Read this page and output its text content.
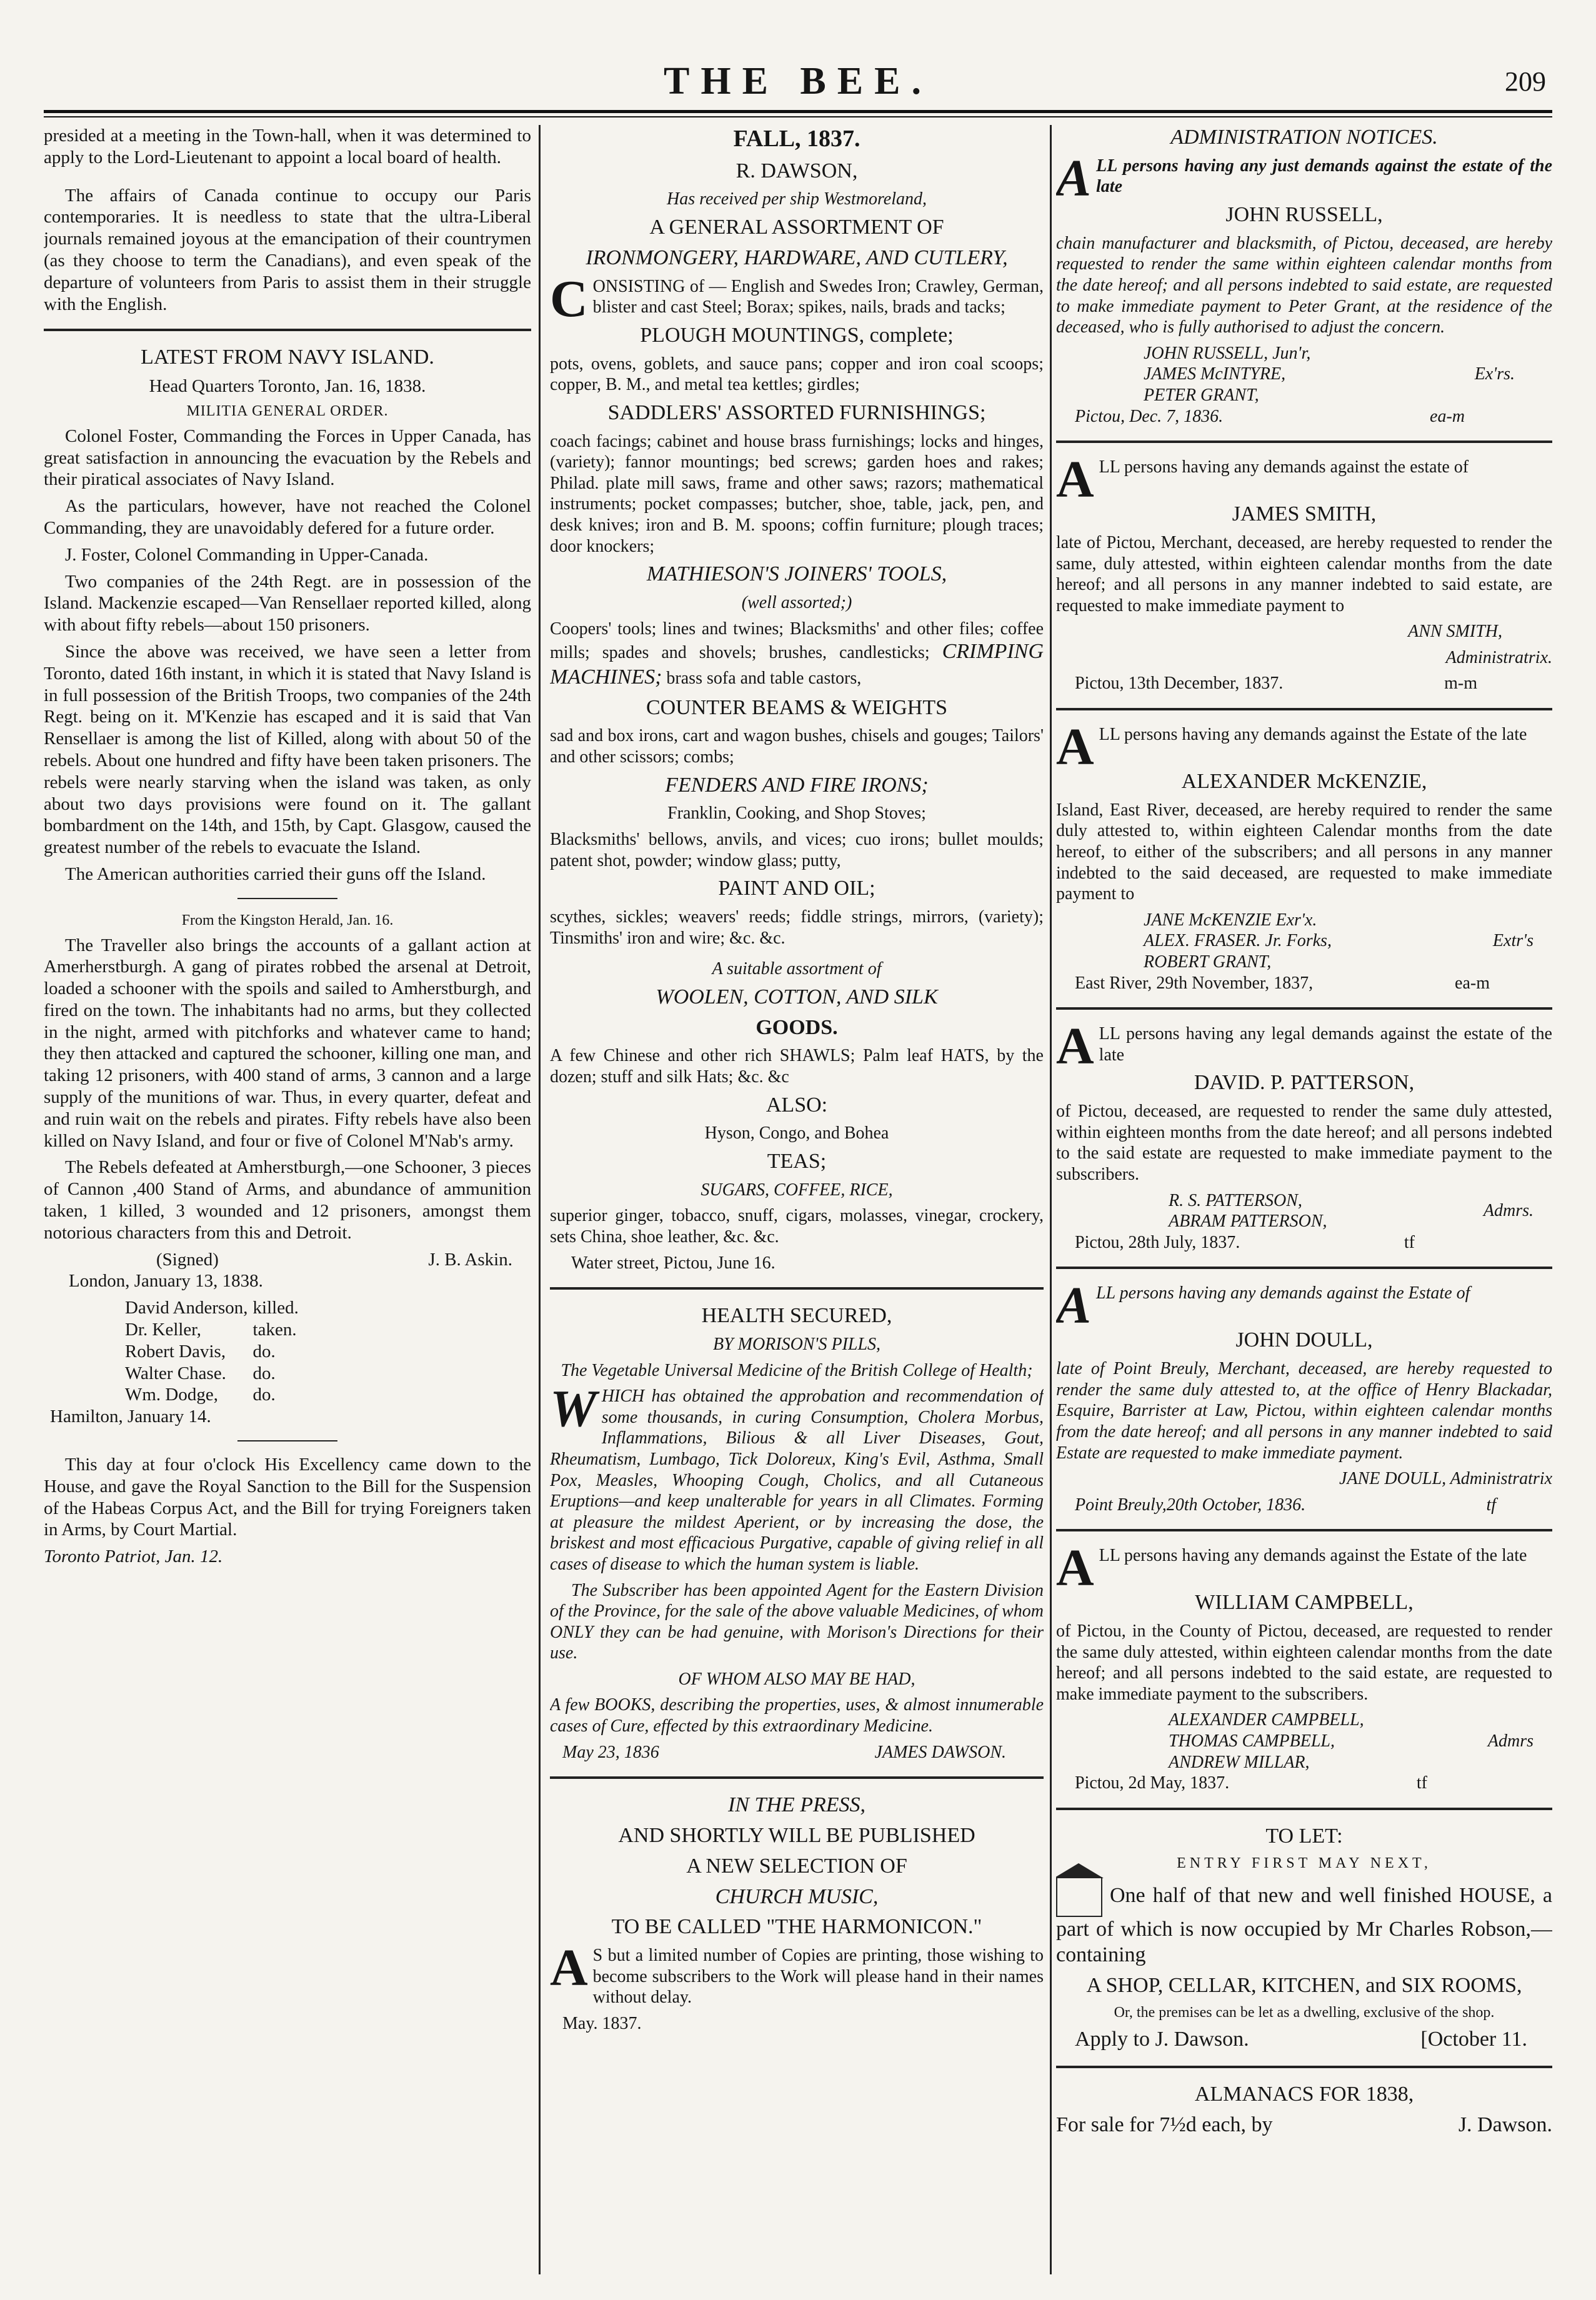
THE BEE.	209

presided at a meeting in the Town-hall, when it was determined to apply to the Lord-Lieutenant to appoint a local board of health.

The affairs of Canada continue to occupy our Paris contemporaries. It is needless to state that the ultra-Liberal journals remained joyous at the emancipation of their countrymen (as they choose to term the Canadians), and even speak of the departure of volunteers from Paris to assist them in their struggle with the English.

LATEST FROM NAVY ISLAND.

Head Quarters Toronto, Jan. 16, 1838.

MILITIA GENERAL ORDER.

Colonel Foster, Commanding the Forces in Upper Canada, has great satisfaction in announcing the evacuation by the Rebels and their piratical associates of Navy Island.

As the particulars, however, have not reached the Colonel Commanding, they are unavoidably defered for a future order.

J. Foster, Colonel Commanding in Upper-Canada.

Two companies of the 24th Regt. are in possession of the Island. Mackenzie escaped—Van Rensellaer reported killed, along with about fifty rebels—about 150 prisoners.

Since the above was received, we have seen a letter from Toronto, dated 16th instant, in which it is stated that Navy Island is in full possession of the British Troops, two companies of the 24th Regt. being on it. M'Kenzie has escaped and it is said that Van Rensellaer is among the list of Killed, along with about 50 of the rebels. About one hundred and fifty have been taken prisoners. The rebels were nearly starving when the island was taken, as only about two days provisions were found on it. The gallant bombardment on the 14th, and 15th, by Capt. Glasgow, caused the greatest number of the rebels to evacuate the Island.

The American authorities carried their guns off the Island.

From the Kingston Herald, Jan. 16.

The Traveller also brings the accounts of a gallant action at Amerherstburgh. A gang of pirates robbed the arsenal at Detroit, loaded a schooner with the spoils and sailed to Amherstburgh, and fired on the town. The inhabitants had no arms, but they collected in the night, armed with pitchforks and whatever came to hand; they then attacked and captured the schooner, killing one man, and taking 12 prisoners, with 400 stand of arms, 3 cannon and a large supply of the munitions of war. Thus, in every quarter, defeat and and ruin wait on the rebels and pirates. Fifty rebels have also been killed on Navy Island, and four or five of Colonel M'Nab's army.

The Rebels defeated at Amherstburgh,—one Schooner, 3 pieces of Cannon ,400 Stand of Arms, and abundance of ammunition taken, 1 killed, 3 wounded and 12 prisoners, amongst them notorious characters from this and Detroit.

(Signed)	J. B. Askin.

London, January 13, 1838.

David Anderson,	killed.
Dr. Keller,	taken.
Robert Davis,	do.
Walter Chase.	do.
Wm. Dodge,	do.

Hamilton, January 14.

This day at four o'clock His Excellency came down to the House, and gave the Royal Sanction to the Bill for the Suspension of the Habeas Corpus Act, and the Bill for trying Foreigners taken in Arms, by Court Martial.

Toronto Patriot, Jan. 12.

FALL, 1837.

R. DAWSON,

Has received per ship Westmoreland,

A GENERAL ASSORTMENT OF

IRONMONGERY, HARDWARE, AND CUTLERY,

CONSISTING of — English and Swedes Iron; Crawley, German, blister and cast Steel; Borax; spikes, nails, brads and tacks;

PLOUGH MOUNTINGS, complete;

pots, ovens, goblets, and sauce pans; copper and iron coal scoops; copper, B. M., and metal tea kettles; girdles;

SADDLERS' ASSORTED FURNISHINGS;

coach facings; cabinet and house brass furnishings; locks and hinges, (variety); fannor mountings; bed screws; garden hoes and rakes; Philad. plate mill saws, frame and other saws; razors; mathematical instruments; pocket compasses; butcher, shoe, table, jack, pen, and desk knives; iron and B. M. spoons; coffin furniture; plough traces; door knockers;

MATHIESON'S JOINERS' TOOLS,

(well assorted;)

Coopers' tools; lines and twines; Blacksmiths' and other files; coffee mills; spades and shovels; brushes, candlesticks; CRIMPING MACHINES; brass sofa and table castors,

COUNTER BEAMS & WEIGHTS

sad and box irons, cart and wagon bushes, chisels and gouges; Tailors' and other scissors; combs;

FENDERS AND FIRE IRONS;

Franklin, Cooking, and Shop Stoves;

Blacksmiths' bellows, anvils, and vices; cuo irons; bullet moulds; patent shot, powder; window glass; putty,

PAINT AND OIL;

scythes, sickles; weavers' reeds; fiddle strings, mirrors, (variety); Tinsmiths' iron and wire; &c. &c.

A suitable assortment of

WOOLEN, COTTON, AND SILK

GOODS.

A few Chinese and other rich SHAWLS; Palm leaf HATS, by the dozen; stuff and silk Hats; &c. &c

ALSO:

Hyson, Congo, and Bohea

TEAS;

SUGARS, COFFEE, RICE,

superior ginger, tobacco, snuff, cigars, molasses, vinegar, crockery, sets China, shoe leather, &c. &c.

Water street, Pictou, June 16.

HEALTH SECURED,

BY MORISON'S PILLS,

The Vegetable Universal Medicine of the British College of Health;

WHICH has obtained the approbation and recommendation of some thousands, in curing Consumption, Cholera Morbus, Inflammations, Bilious & all Liver Diseases, Gout, Rheumatism, Lumbago, Tick Doloreux, King's Evil, Asthma, Small Pox, Measles, Whooping Cough, Cholics, and all Cutaneous Eruptions—and keep unalterable for years in all Climates. Forming at pleasure the mildest Aperient, or by increasing the dose, the briskest and most efficacious Purgative, capable of giving relief in all cases of disease to which the human system is liable.

The Subscriber has been appointed Agent for the Eastern Division of the Province, for the sale of the above valuable Medicines, of whom ONLY they can be had genuine, with Morison's Directions for their use.

OF WHOM ALSO MAY BE HAD,

A few BOOKS, describing the properties, uses, & almost innumerable cases of Cure, effected by this extraordinary Medicine.

May 23, 1836	JAMES DAWSON.

IN THE PRESS,

AND SHORTLY WILL BE PUBLISHED

A NEW SELECTION OF

CHURCH MUSIC,

TO BE CALLED "THE HARMONICON."

A S but a limited number of Copies are printing, those wishing to become subscribers to the Work will please hand in their names without delay.

May. 1837.

ADMINISTRATION NOTICES.

ALL persons having any just demands against the estate of the late

JOHN RUSSELL,

chain manufacturer and blacksmith, of Pictou, deceased, are hereby requested to render the same within eighteen calendar months from the date hereof; and all persons indebted to said estate, are requested to make immediate payment to Peter Grant, at the residence of the deceased, who is fully authorised to adjust the concern.

JOHN RUSSELL, Jun'r,
JAMES McINTYRE,
PETER GRANT,
Ex'rs.
Pictou, Dec. 7, 1836.	ea-m

ALL persons having any demands against the estate of

JAMES SMITH,

late of Pictou, Merchant, deceased, are hereby requested to render the same, duly attested, within eighteen calendar months from the date hereof; and all persons in any manner indebted to said estate, are requested to make immediate payment to

ANN SMITH,

Administratrix.

Pictou, 13th December, 1837.	m-m

ALL persons having any demands against the Estate of the late

ALEXANDER McKENZIE,

Island, East River, deceased, are hereby required to render the same duly attested to, within eighteen Calendar months from the date hereof, to either of the subscribers; and all persons in any manner indebted to the said deceased, are requested to make immediate payment to

JANE McKENZIE Exr'x.
ALEX. FRASER. Jr. Forks,
ROBERT GRANT,
Extr's
East River, 29th November, 1837,	ea-m

ALL persons having any legal demands against the estate of the late

DAVID. P. PATTERSON,

of Pictou, deceased, are requested to render the same duly attested, within eighteen months from the date hereof; and all persons indebted to the said estate are requested to make immediate payment to the subscribers.

R. S. PATTERSON,
ABRAM PATTERSON,
Admrs.
Pictou, 28th July, 1837.	tf

ALL persons having any demands against the Estate of

JOHN DOULL,

late of Point Breuly, Merchant, deceased, are hereby requested to render the same duly attested to, at the office of Henry Blackadar, Esquire, Barrister at Law, Pictou, within eighteen calendar months from the date hereof; and all persons in any manner indebted to said Estate are requested to make immediate payment.

JANE DOULL, Administratrix

Point Breuly,20th October, 1836.	tf

ALL persons having any demands against the Estate of the late

WILLIAM CAMPBELL,

of Pictou, in the County of Pictou, deceased, are requested to render the same duly attested, within eighteen calendar months from the date hereof; and all persons indebted to the said estate, are requested to make immediate payment to the subscribers.

ALEXANDER CAMPBELL,
THOMAS CAMPBELL,
ANDREW MILLAR,
Admrs
Pictou, 2d May, 1837.	tf

TO LET:

ENTRY FIRST MAY NEXT,

One half of that new and well finished HOUSE, a part of which is now occupied by Mr Charles Robson,—containing

A SHOP, CELLAR, KITCHEN, and SIX ROOMS,

Or, the premises can be let as a dwelling, exclusive of the shop.

Apply to J. Dawson.	[October 11.

ALMANACS FOR 1838,

For sale for 7½d each, by	J. Dawson.
